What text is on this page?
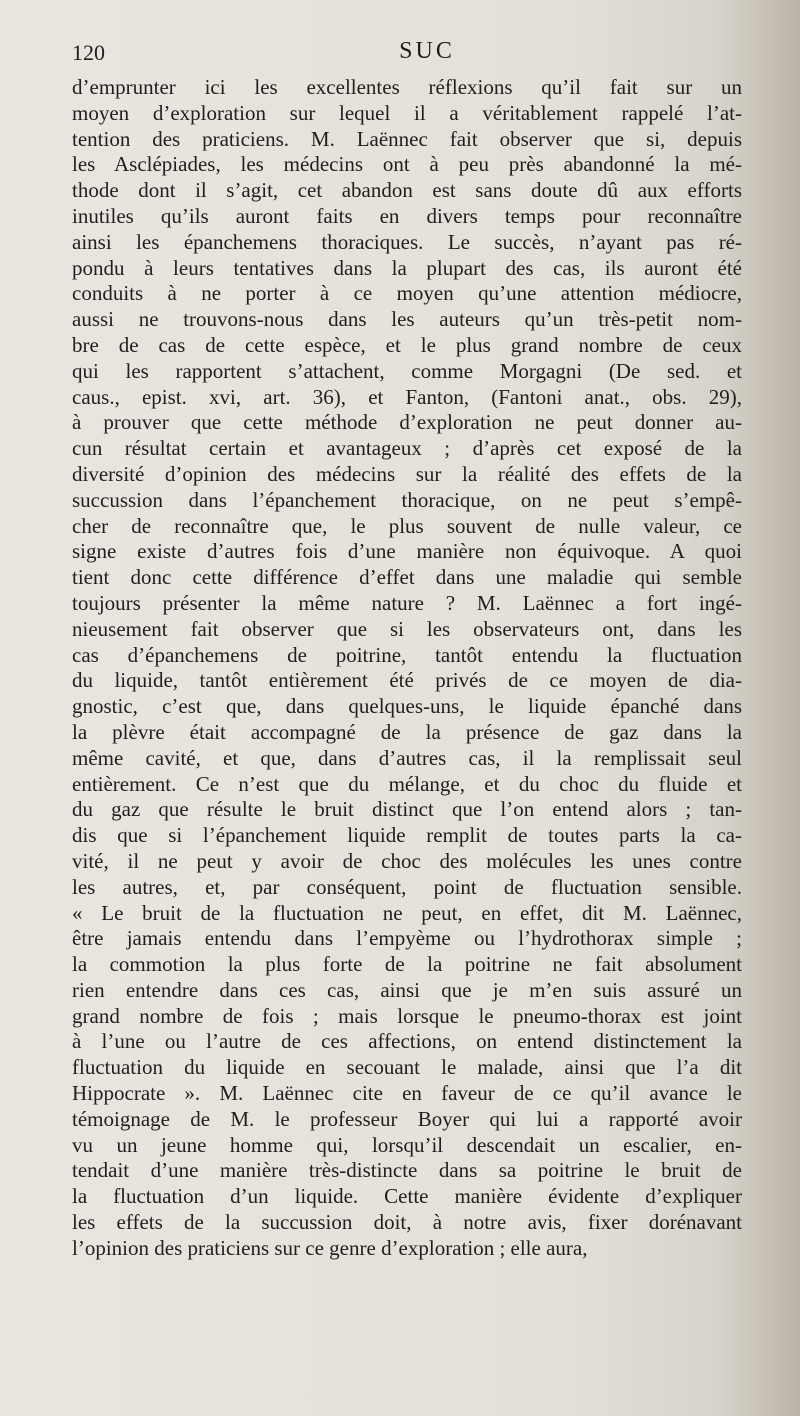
120	SUC
d’emprunter ici les excellentes réflexions qu’il fait sur un
moyen d’exploration sur lequel il a véritablement rappelé l’at-
tention des praticiens. M. Laënnec fait observer que si, depuis
les Asclépiades, les médecins ont à peu près abandonné la mé-
thode dont il s’agit, cet abandon est sans doute dû aux efforts
inutiles qu’ils auront faits en divers temps pour reconnaître
ainsi les épanchemens thoraciques. Le succès, n’ayant pas ré-
pondu à leurs tentatives dans la plupart des cas, ils auront été
conduits à ne porter à ce moyen qu’une attention médiocre,
aussi ne trouvons-nous dans les auteurs qu’un très-petit nom-
bre de cas de cette espèce, et le plus grand nombre de ceux
qui les rapportent s’attachent, comme Morgagni (De sed. et
caus., epist. xvi, art. 36), et Fanton, (Fantoni anat., obs. 29),
à prouver que cette méthode d’exploration ne peut donner au-
cun résultat certain et avantageux ; d’après cet exposé de la
diversité d’opinion des médecins sur la réalité des effets de la
succussion dans l’épanchement thoracique, on ne peut s’empê-
cher de reconnaître que, le plus souvent de nulle valeur, ce
signe existe d’autres fois d’une manière non équivoque. A quoi
tient donc cette différence d’effet dans une maladie qui semble
toujours présenter la même nature ? M. Laënnec a fort ingé-
nieusement fait observer que si les observateurs ont, dans les
cas d’épanchemens de poitrine, tantôt entendu la fluctuation
du liquide, tantôt entièrement été privés de ce moyen de dia-
gnostic, c’est que, dans quelques-uns, le liquide épanché dans
la plèvre était accompagné de la présence de gaz dans la
même cavité, et que, dans d’autres cas, il la remplissait seul
entièrement. Ce n’est que du mélange, et du choc du fluide et
du gaz que résulte le bruit distinct que l’on entend alors ; tan-
dis que si l’épanchement liquide remplit de toutes parts la ca-
vité, il ne peut y avoir de choc des molécules les unes contre
les autres, et, par conséquent, point de fluctuation sensible.
« Le bruit de la fluctuation ne peut, en effet, dit M. Laënnec,
être jamais entendu dans l’empyème ou l’hydrothorax simple ;
la commotion la plus forte de la poitrine ne fait absolument
rien entendre dans ces cas, ainsi que je m’en suis assuré un
grand nombre de fois ; mais lorsque le pneumo-thorax est joint
à l’une ou l’autre de ces affections, on entend distinctement la
fluctuation du liquide en secouant le malade, ainsi que l’a dit
Hippocrate ». M. Laënnec cite en faveur de ce qu’il avance le
témoignage de M. le professeur Boyer qui lui a rapporté avoir
vu un jeune homme qui, lorsqu’il descendait un escalier, en-
tendait d’une manière très-distincte dans sa poitrine le bruit de
la fluctuation d’un liquide. Cette manière évidente d’expliquer
les effets de la succussion doit, à notre avis, fixer dorénavant
l’opinion des praticiens sur ce genre d’exploration ; elle aura,
